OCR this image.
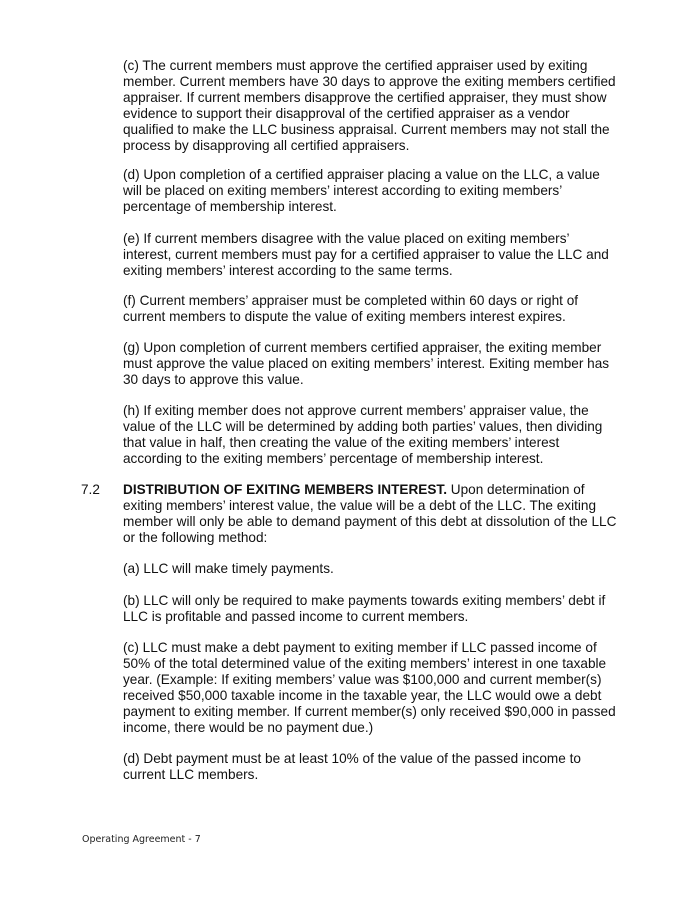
(c) The current members must approve the certified appraiser used by exiting member. Current members have 30 days to approve the exiting members certified appraiser. If current members disapprove the certified appraiser, they must show evidence to support their disapproval of the certified appraiser as a vendor qualified to make the LLC business appraisal. Current members may not stall the process by disapproving all certified appraisers.

(d) Upon completion of a certified appraiser placing a value on the LLC, a value will be placed on exiting members’ interest according to exiting members’ percentage of membership interest.

(e) If current members disagree with the value placed on exiting members’ interest, current members must pay for a certified appraiser to value the LLC and exiting members’ interest according to the same terms.

(f) Current members’ appraiser must be completed within 60 days or right of current members to dispute the value of exiting members interest expires.

(g) Upon completion of current members certified appraiser, the exiting member must approve the value placed on exiting members’ interest. Exiting member has 30 days to approve this value.

(h) If exiting member does not approve current members’ appraiser value, the value of the LLC will be determined by adding both parties’ values, then dividing that value in half, then creating the value of the exiting members’ interest according to the exiting members’ percentage of membership interest.

7.2 DISTRIBUTION OF EXITING MEMBERS INTEREST. Upon determination of exiting members’ interest value, the value will be a debt of the LLC. The exiting member will only be able to demand payment of this debt at dissolution of the LLC or the following method:

(a) LLC will make timely payments.

(b) LLC will only be required to make payments towards exiting members’ debt if LLC is profitable and passed income to current members.

(c) LLC must make a debt payment to exiting member if LLC passed income of 50% of the total determined value of the exiting members’ interest in one taxable year. (Example: If exiting members’ value was $100,000 and current member(s) received $50,000 taxable income in the taxable year, the LLC would owe a debt payment to exiting member. If current member(s) only received $90,000 in passed income, there would be no payment due.)

(d) Debt payment must be at least 10% of the value of the passed income to current LLC members.

Operating Agreement - 7
